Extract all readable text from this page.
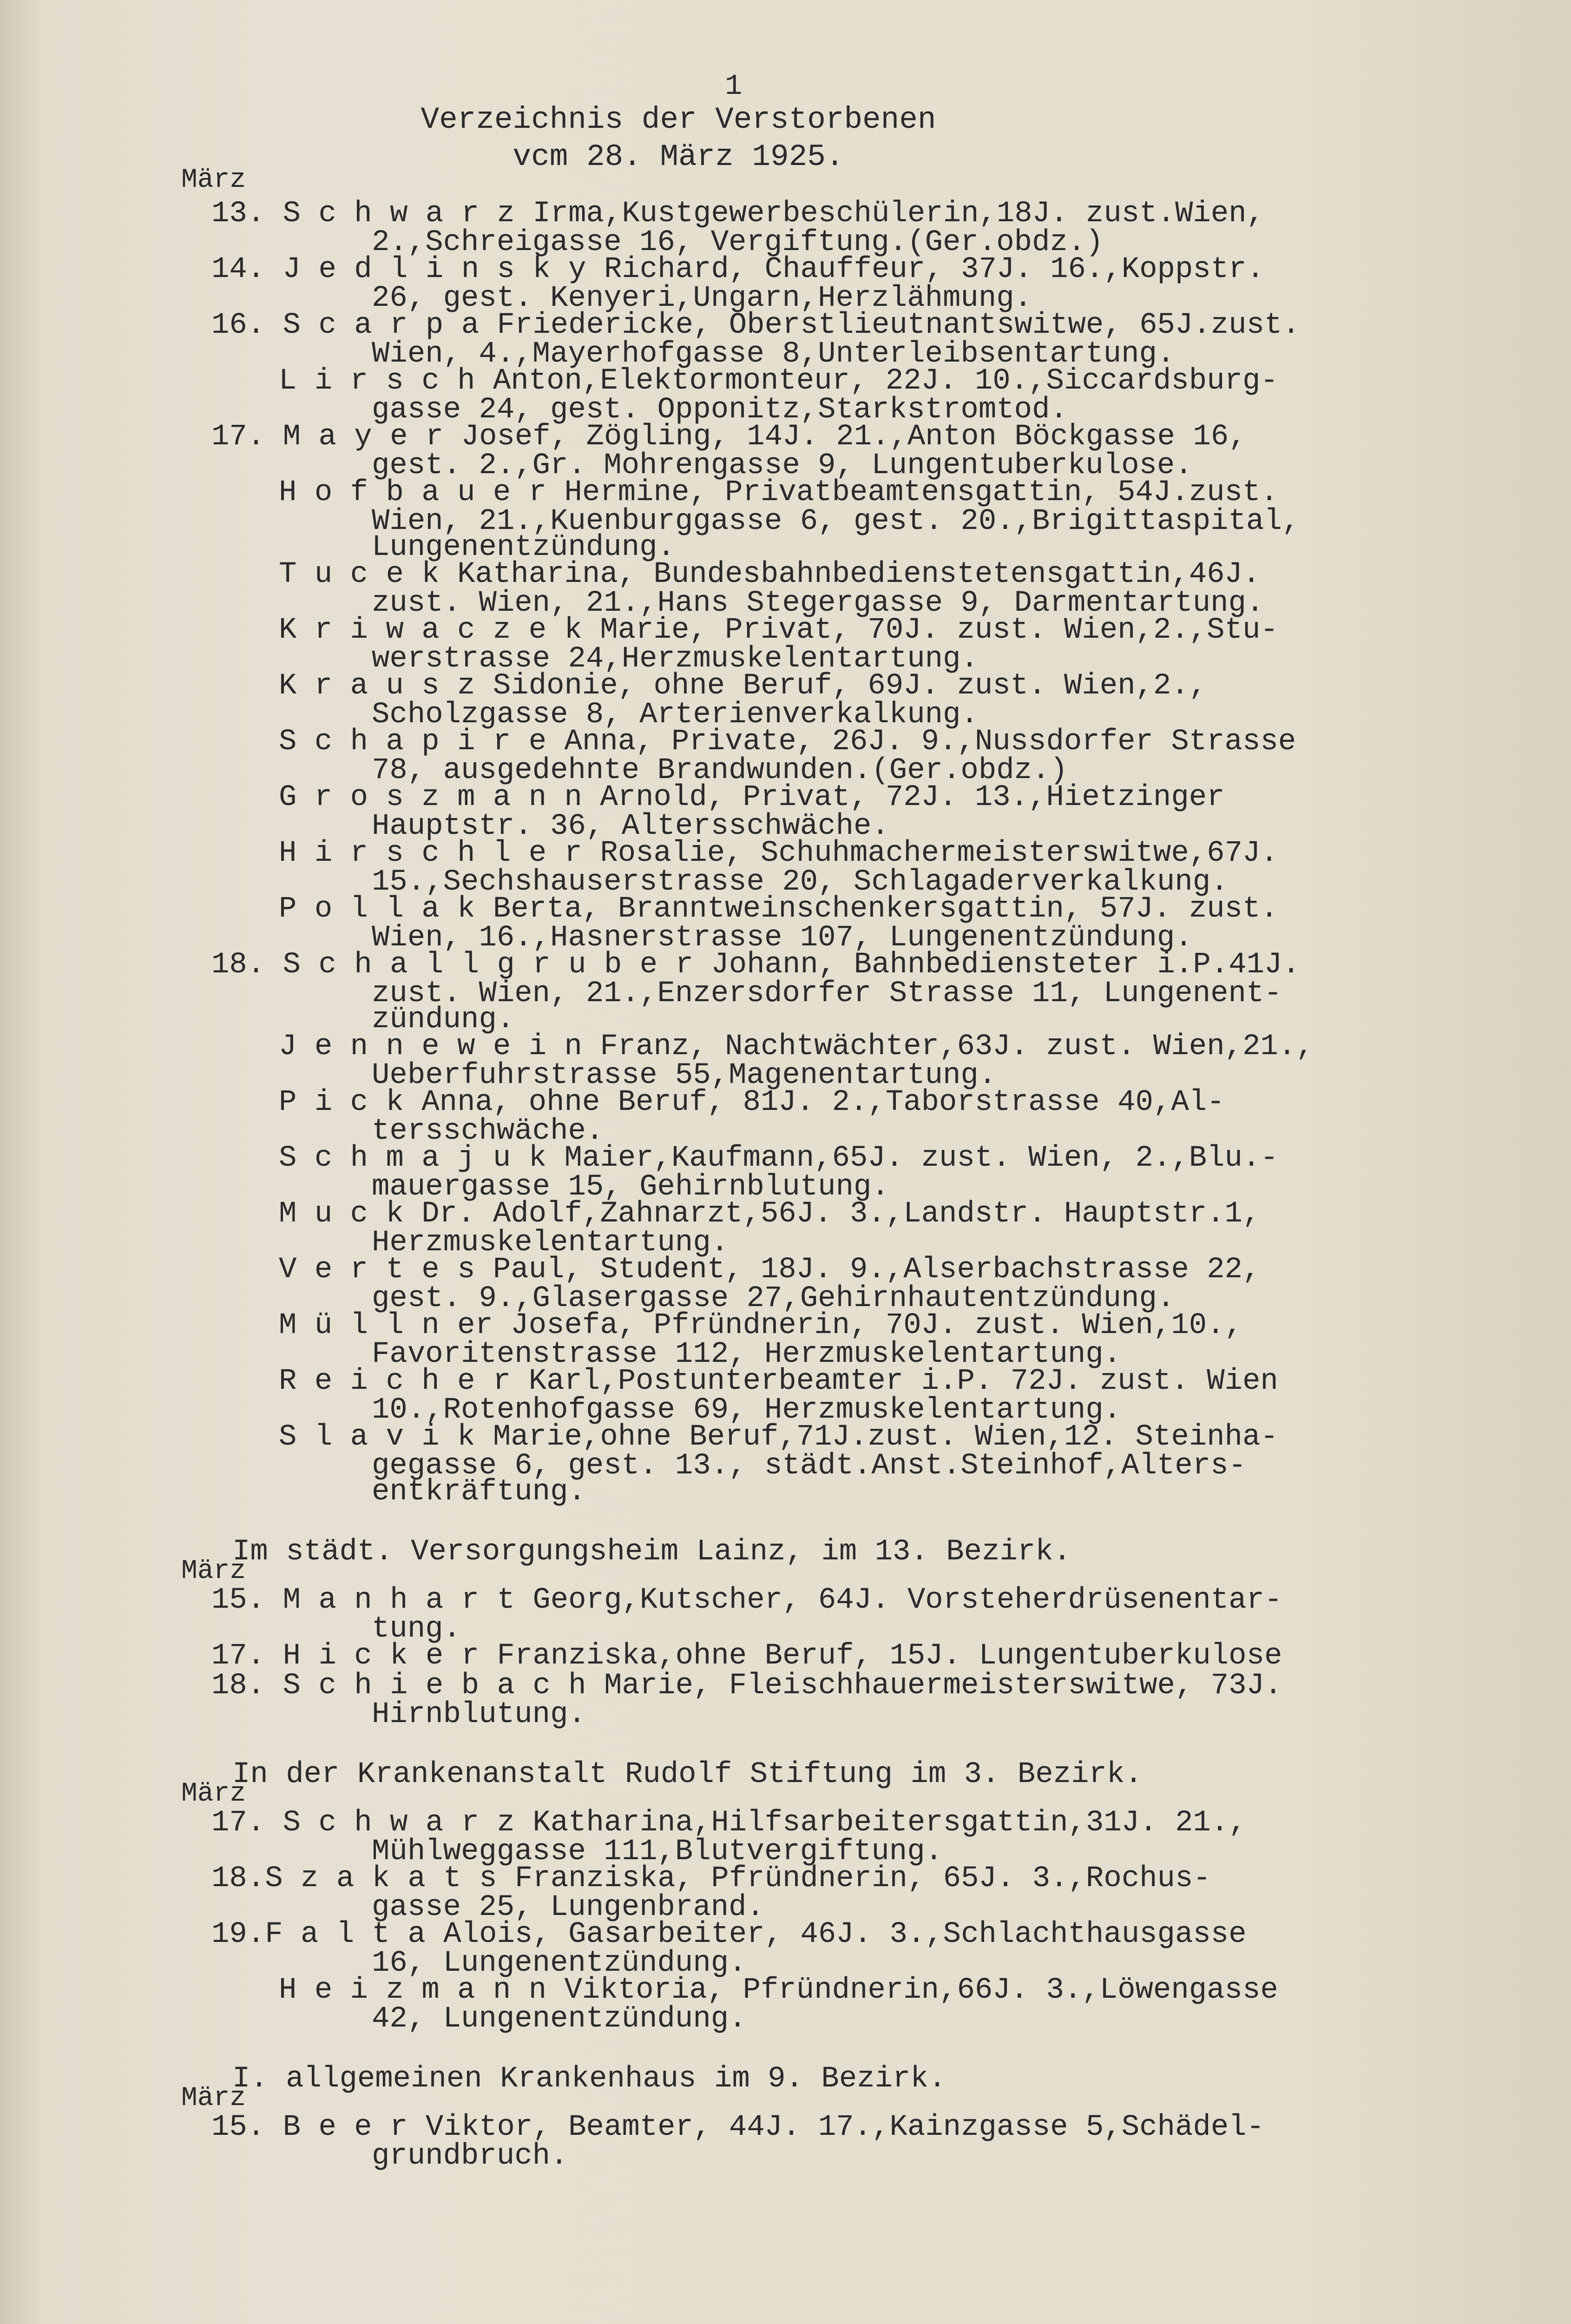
1
Verzeichnis der Verstorbenen
vcm 28. März 1925.
März
13. S c h w a r z Irma,Kustgewerbeschülerin,18J. zust.Wien,
2.,Schreigasse 16, Vergiftung.(Ger.obdz.)
14. J e d l i n s k y Richard, Chauffeur, 37J. 16.,Koppstr.
26, gest. Kenyeri,Ungarn,Herzlähmung.
16. S c a r p a Friedericke, Oberstlieutnantswitwe, 65J.zust.
Wien, 4.,Mayerhofgasse 8,Unterleibsentartung.
L i r s c h Anton,Elektormonteur, 22J. 10.,Siccardsburg-
gasse 24, gest. Opponitz,Starkstromtod.
17. M a y e r Josef, Zögling, 14J. 21.,Anton Böckgasse 16,
gest. 2.,Gr. Mohrengasse 9, Lungentuberkulose.
H o f b a u e r Hermine, Privatbeamtensgattin, 54J.zust.
Wien, 21.,Kuenburggasse 6, gest. 20.,Brigittaspital,
Lungenentzündung.
T u c e k Katharina, Bundesbahnbedienstetensgattin,46J.
zust. Wien, 21.,Hans Stegergasse 9, Darmentartung.
K r i w a c z e k Marie, Privat, 70J. zust. Wien,2.,Stu-
werstrasse 24,Herzmuskelentartung.
K r a u s z Sidonie, ohne Beruf, 69J. zust. Wien,2.,
Scholzgasse 8, Arterienverkalkung.
S c h a p i r e Anna, Private, 26J. 9.,Nussdorfer Strasse
78, ausgedehnte Brandwunden.(Ger.obdz.)
G r o s z m a n n Arnold, Privat, 72J. 13.,Hietzinger
Hauptstr. 36, Altersschwäche.
H i r s c h l e r Rosalie, Schuhmachermeisterswitwe,67J.
15.,Sechshauserstrasse 20, Schlagaderverkalkung.
P o l l a k Berta, Branntweinschenkersgattin, 57J. zust.
Wien, 16.,Hasnerstrasse 107, Lungenentzündung.
18. S c h a l l g r u b e r Johann, Bahnbediensteter i.P.41J.
zust. Wien, 21.,Enzersdorfer Strasse 11, Lungenent-
zündung.
J e n n e w e i n Franz, Nachtwächter,63J. zust. Wien,21.,
Ueberfuhrstrasse 55,Magenentartung.
P i c k Anna, ohne Beruf, 81J. 2.,Taborstrasse 40,Al-
tersschwäche.
S c h m a j u k Maier,Kaufmann,65J. zust. Wien, 2.,Blu.-
mauergasse 15, Gehirnblutung.
M u c k Dr. Adolf,Zahnarzt,56J. 3.,Landstr. Hauptstr.1,
Herzmuskelentartung.
V e r t e s Paul, Student, 18J. 9.,Alserbachstrasse 22,
gest. 9.,Glasergasse 27,Gehirnhautentzündung.
M ü l l n er Josefa, Pfründnerin, 70J. zust. Wien,10.,
Favoritenstrasse 112, Herzmuskelentartung.
R e i c h e r Karl,Postunterbeamter i.P. 72J. zust. Wien
10.,Rotenhofgasse 69, Herzmuskelentartung.
S l a v i k Marie,ohne Beruf,71J.zust. Wien,12. Steinha-
gegasse 6, gest. 13., städt.Anst.Steinhof,Alters-
entkräftung.
Im städt. Versorgungsheim Lainz, im 13. Bezirk.
März
15. M a n h a r t Georg,Kutscher, 64J. Vorsteherdrüsenentar-
tung.
17. H i c k e r Franziska,ohne Beruf, 15J. Lungentuberkulose
18. S c h i e b a c h Marie, Fleischhauermeisterswitwe, 73J.
Hirnblutung.
In der Krankenanstalt Rudolf Stiftung im 3. Bezirk.
März
17. S c h w a r z Katharina,Hilfsarbeitersgattin,31J. 21.,
Mühlweggasse 111,Blutvergiftung.
18.S z a k a t s Franziska, Pfründnerin, 65J. 3.,Rochus-
gasse 25, Lungenbrand.
19.F a l t a Alois, Gasarbeiter, 46J. 3.,Schlachthausgasse
16, Lungenentzündung.
H e i z m a n n Viktoria, Pfründnerin,66J. 3.,Löwengasse
42, Lungenentzündung.
I. allgemeinen Krankenhaus im 9. Bezirk.
März
15. B e e r Viktor, Beamter, 44J. 17.,Kainzgasse 5,Schädel-
grundbruch.
